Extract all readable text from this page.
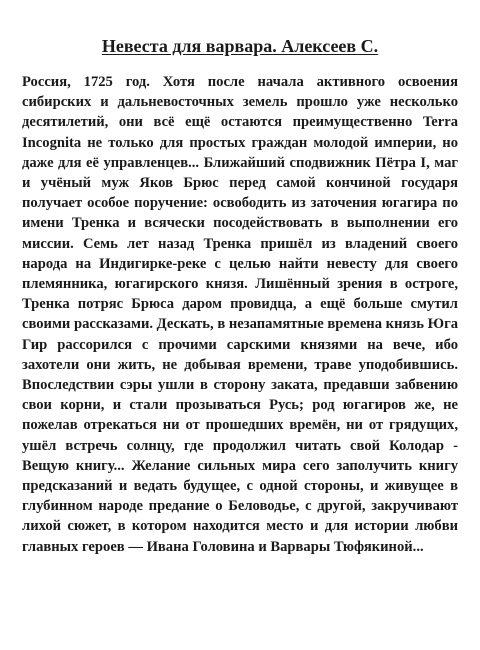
Невеста для варвара. Алексеев С.

Россия, 1725 год. Хотя после начала активного освоения сибирских и дальневосточных земель прошло уже несколько десятилетий, они всё ещё остаются преимущественно Terra Incognita не только для простых граждан молодой империи, но даже для её управленцев... Ближайший сподвижник Пётра I, маг и учёный муж Яков Брюс перед самой кончиной государя получает особое поручение: освободить из заточения югагира по имени Тренка и всячески посодействовать в выполнении его миссии. Семь лет назад Тренка пришёл из владений своего народа на Индигирке-реке с целью найти невесту для своего племянника, югагирского князя. Лишённый зрения в остроге, Тренка потряс Брюса даром провидца, а ещё больше смутил своими рассказами. Дескать, в незапамятные времена князь Юга Гир рассорился с прочими сарскими князями на вече, ибо захотели они жить, не добывая времени, траве уподобившись. Впоследствии сэры ушли в сторону заката, предавши забвению свои корни, и стали прозываться Русь; род югагиров же, не пожелав отрекаться ни от прошедших времён, ни от грядущих, ушёл встречь солнцу, где продолжил читать свой Колодар - Вещую книгу... Желание сильных мира сего заполучить книгу предсказаний и ведать будущее, с одной стороны, и живущее в глубинном народе предание о Беловодье, с другой, закручивают лихой сюжет, в котором находится место и для истории любви главных героев — Ивана Головина и Варвары Тюфякиной...
